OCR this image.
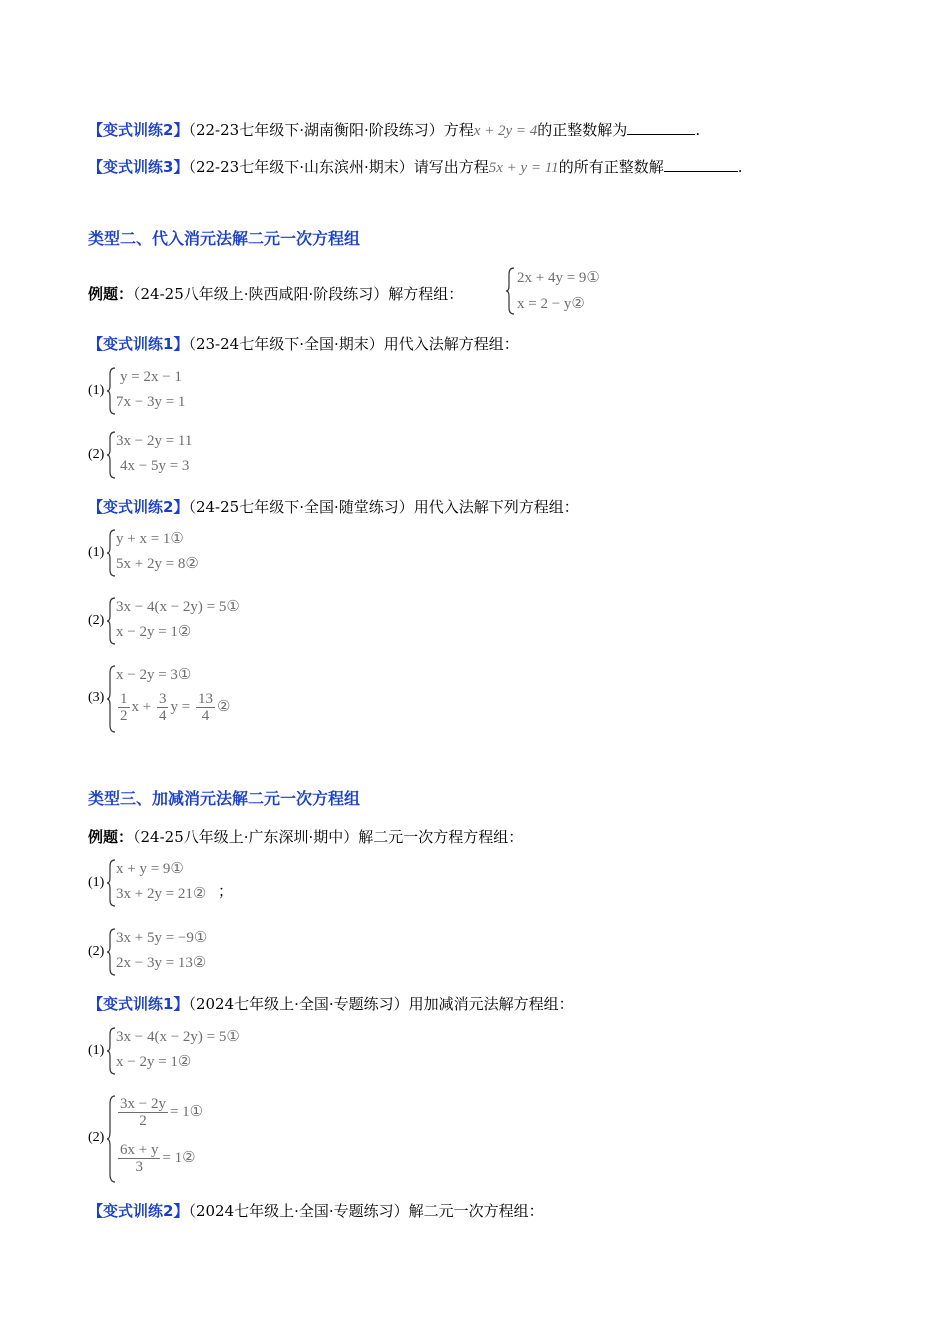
【变式训练2】（22-23七年级下·湖南衡阳·阶段练习）方程x + 2y = 4的正整数解为	.
【变式训练3】（22-23七年级下·山东滨州·期末）请写出方程5x + y = 11的所有正整数解	.
类型二、代入消元法解二元一次方程组
例题：（24-25八年级上·陕西咸阳·阶段练习）解方程组：
2x + 4y = 9①
x = 2 − y②
【变式训练1】（23-24七年级下·全国·期末）用代入法解方程组：
(1)
y = 2x − 1
7x − 3y = 1
(2)
3x − 2y = 11
4x − 5y = 3
【变式训练2】（24-25七年级下·全国·随堂练习）用代入法解下列方程组：
(1)
y + x = 1①
5x + 2y = 8②
(2)
3x − 4(x − 2y) = 5①
x − 2y = 1②
(3)
x − 2y = 3①
$\frac{1}{2}$ $x + \frac{3}{4}$ $y = \frac{13}{4}$ ②
类型三、加减消元法解二元一次方程组
例题：（24-25八年级上·广东深圳·期中）解二元一次方程方程组：
(1)
x + y = 9①
3x + 2y = 21② ；
(2)
3x + 5y = −9①
2x − 3y = 13②
【变式训练1】（2024七年级上·全国·专题练习）用加减消元法解方程组：
(1)
3x − 4(x − 2y) = 5①
x − 2y = 1②
(2)
$\frac{3x - 2y}{2}$ = 1①
$\frac{6x + y}{3}$ = 1②
【变式训练2】（2024七年级上·全国·专题练习）解二元一次方程组：
